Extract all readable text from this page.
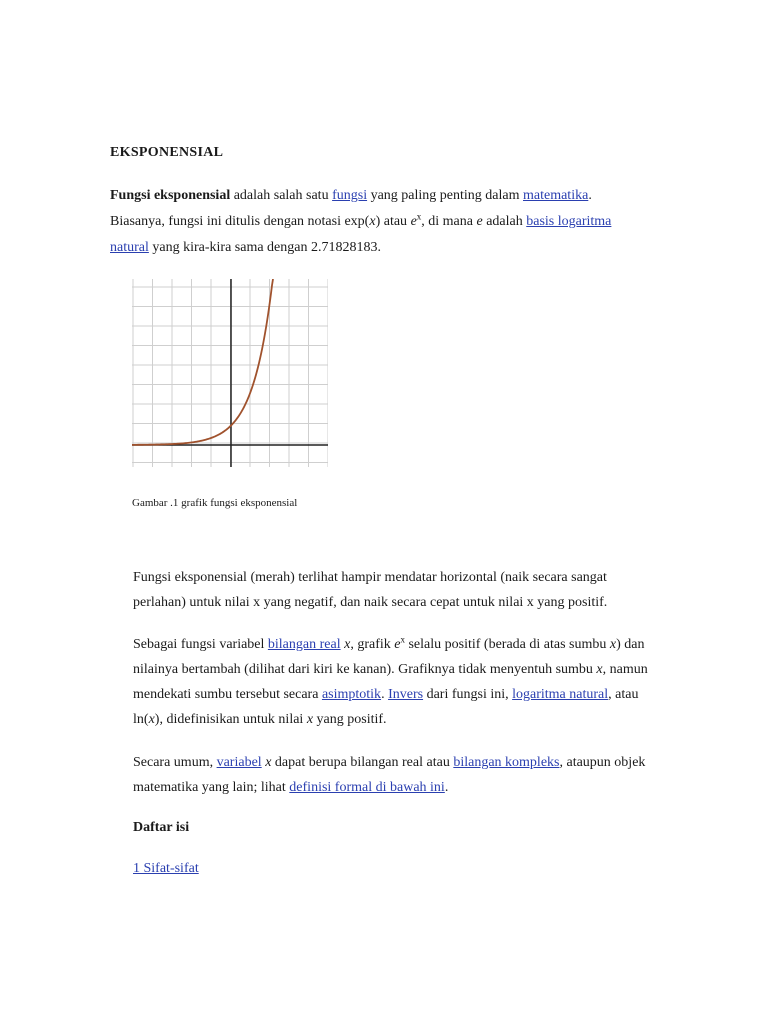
EKSPONENSIAL

Fungsi eksponensial adalah salah satu fungsi yang paling penting dalam matematika. Biasanya, fungsi ini ditulis dengan notasi exp(x) atau $e^x$, di mana e adalah basis logaritma natural yang kira-kira sama dengan 2.71828183.

Gambar .1 grafik fungsi eksponensial

Fungsi eksponensial (merah) terlihat hampir mendatar horizontal (naik secara sangat perlahan) untuk nilai x yang negatif, dan naik secara cepat untuk nilai x yang positif.

Sebagai fungsi variabel bilangan real x, grafik $e^x$ selalu positif (berada di atas sumbu x) dan nilainya bertambah (dilihat dari kiri ke kanan). Grafiknya tidak menyentuh sumbu x, namun mendekati sumbu tersebut secara asimptotik. Invers dari fungsi ini, logaritma natural, atau ln(x), didefinisikan untuk nilai x yang positif.

Secara umum, variabel x dapat berupa bilangan real atau bilangan kompleks, ataupun objek matematika yang lain; lihat definisi formal di bawah ini.

Daftar isi

1 Sifat-sifat
